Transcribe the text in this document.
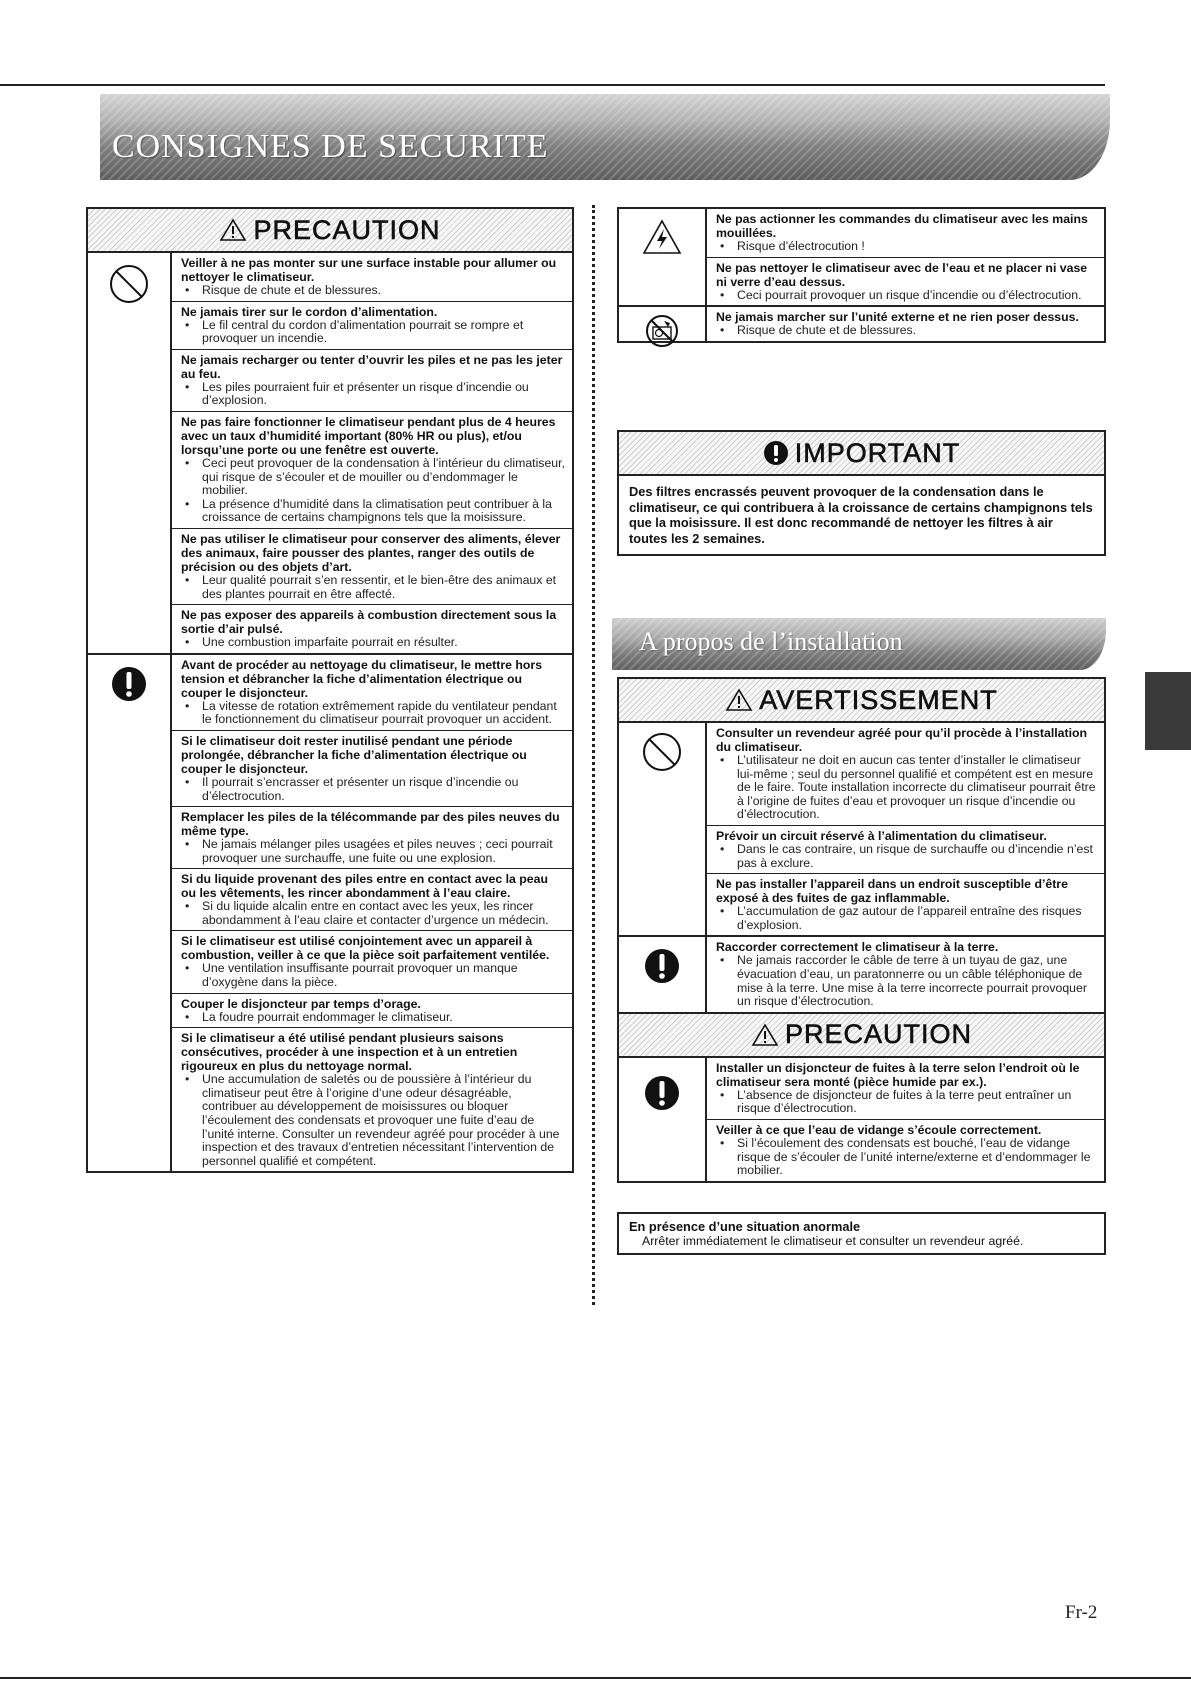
CONSIGNES DE SECURITE
PRECAUTION
Veiller à ne pas monter sur une surface instable pour allumer ou nettoyer le climatiseur.
• Risque de chute et de blessures.
Ne jamais tirer sur le cordon d’alimentation.
• Le fil central du cordon d’alimentation pourrait se rompre et provoquer un incendie.
Ne jamais recharger ou tenter d’ouvrir les piles et ne pas les jeter au feu.
• Les piles pourraient fuir et présenter un risque d’incendie ou d’explosion.
Ne pas faire fonctionner le climatiseur pendant plus de 4 heures avec un taux d’humidité important (80% HR ou plus), et/ou lorsqu’une porte ou une fenêtre est ouverte.
• Ceci peut provoquer de la condensation à l’intérieur du climatiseur, qui risque de s’écouler et de mouiller ou d’endommager le mobilier.
• La présence d’humidité dans la climatisation peut contribuer à la croissance de certains champignons tels que la moisissure.
Ne pas utiliser le climatiseur pour conserver des aliments, élever des animaux, faire pousser des plantes, ranger des outils de précision ou des objets d’art.
• Leur qualité pourrait s’en ressentir, et le bien-être des animaux et des plantes pourrait en être affecté.
Ne pas exposer des appareils à combustion directement sous la sortie d’air pulsé.
• Une combustion imparfaite pourrait en résulter.
Avant de procéder au nettoyage du climatiseur, le mettre hors tension et débrancher la fiche d’alimentation électrique ou couper le disjoncteur.
• La vitesse de rotation extrêmement rapide du ventilateur pendant le fonctionnement du climatiseur pourrait provoquer un accident.
Si le climatiseur doit rester inutilisé pendant une période prolongée, débrancher la fiche d’alimentation électrique ou couper le disjoncteur.
• Il pourrait s’encrasser et présenter un risque d’incendie ou d’électrocution.
Remplacer les piles de la télécommande par des piles neuves du même type.
• Ne jamais mélanger piles usagées et piles neuves ; ceci pourrait provoquer une surchauffe, une fuite ou une explosion.
Si du liquide provenant des piles entre en contact avec la peau ou les vêtements, les rincer abondamment à l’eau claire.
• Si du liquide alcalin entre en contact avec les yeux, les rincer abondamment à l’eau claire et contacter d’urgence un médecin.
Si le climatiseur est utilisé conjointement avec un appareil à combustion, veiller à ce que la pièce soit parfaitement ventilée.
• Une ventilation insuffisante pourrait provoquer un manque d’oxygène dans la pièce.
Couper le disjoncteur par temps d’orage.
• La foudre pourrait endommager le climatiseur.
Si le climatiseur a été utilisé pendant plusieurs saisons consécutives, procéder à une inspection et à un entretien rigoureux en plus du nettoyage normal.
• Une accumulation de saletés ou de poussière à l’intérieur du climatiseur peut être à l’origine d’une odeur désagréable, contribuer au développement de moisissures ou bloquer l’écoulement des condensats et provoquer une fuite d’eau de l’unité interne. Consulter un revendeur agréé pour procéder à une inspection et des travaux d’entretien nécessitant l’intervention de personnel qualifié et compétent.
Ne pas actionner les commandes du climatiseur avec les mains mouillées.
• Risque d’électrocution !
Ne pas nettoyer le climatiseur avec de l’eau et ne placer ni vase ni verre d’eau dessus.
• Ceci pourrait provoquer un risque d’incendie ou d’électrocution.
Ne jamais marcher sur l’unité externe et ne rien poser dessus.
• Risque de chute et de blessures.
IMPORTANT
Des filtres encrassés peuvent provoquer de la condensation dans le climatiseur, ce qui contribuera à la croissance de certains champignons tels que la moisissure. Il est donc recommandé de nettoyer les filtres à air toutes les 2 semaines.
A propos de l’installation
AVERTISSEMENT
Consulter un revendeur agréé pour qu’il procède à l’installation du climatiseur.
• L’utilisateur ne doit en aucun cas tenter d’installer le climatiseur lui-même ; seul du personnel qualifié et compétent est en mesure de le faire. Toute installation incorrecte du climatiseur pourrait être à l’origine de fuites d’eau et provoquer un risque d’incendie ou d’électrocution.
Prévoir un circuit réservé à l’alimentation du climatiseur.
• Dans le cas contraire, un risque de surchauffe ou d’incendie n’est pas à exclure.
Ne pas installer l’appareil dans un endroit susceptible d’être exposé à des fuites de gaz inflammable.
• L’accumulation de gaz autour de l’appareil entraîne des risques d’explosion.
Raccorder correctement le climatiseur à la terre.
• Ne jamais raccorder le câble de terre à un tuyau de gaz, une évacuation d’eau, un paratonnerre ou un câble téléphonique de mise à la terre. Une mise à la terre incorrecte pourrait provoquer un risque d’électrocution.
PRECAUTION
Installer un disjoncteur de fuites à la terre selon l’endroit où le climatiseur sera monté (pièce humide par ex.).
• L’absence de disjoncteur de fuites à la terre peut entraîner un risque d’électrocution.
Veiller à ce que l’eau de vidange s’écoule correctement.
• Si l’écoulement des condensats est bouché, l’eau de vidange risque de s’écouler de l’unité interne/externe et d’endommager le mobilier.
En présence d’une situation anormale
Arrêter immédiatement le climatiseur et consulter un revendeur agréé.
Fr-2
